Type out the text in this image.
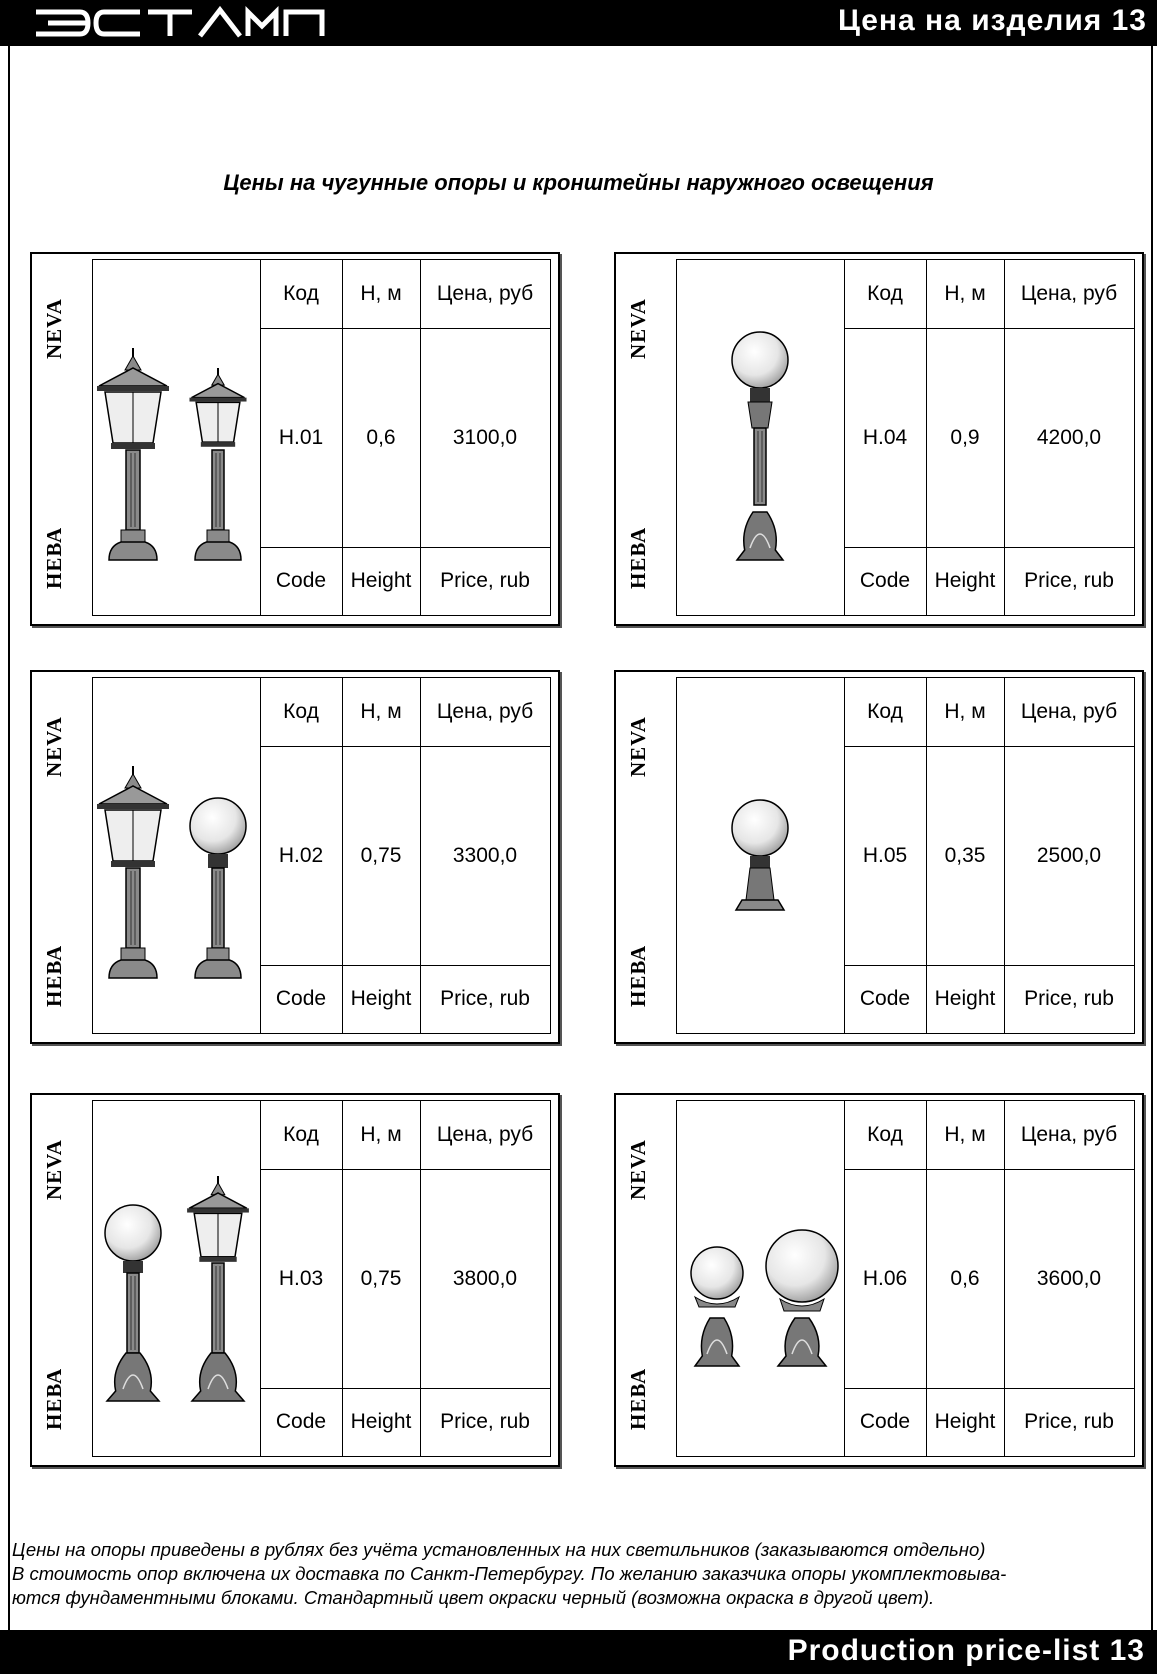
Цена на изделия 13
Цены на чугунные опоры и кронштейны наружного освещения
NEVA
НЕВА
Код	H, м	Цена, руб
Н.01	0,6	3100,0
Code	Height	Price, rub
NEVA
НЕВА
Код	H, м	Цена, руб
Н.04	0,9	4200,0
Code	Height	Price, rub
NEVA
НЕВА
Код	H, м	Цена, руб
Н.02	0,75	3300,0
Code	Height	Price, rub
NEVA
НЕВА
Код	H, м	Цена, руб
Н.05	0,35	2500,0
Code	Height	Price, rub
NEVA
НЕВА
Код	H, м	Цена, руб
Н.03	0,75	3800,0
Code	Height	Price, rub
NEVA
НЕВА
Код	H, м	Цена, руб
Н.06	0,6	3600,0
Code	Height	Price, rub
Цены на опоры приведены в рублях без учёта установленных на них светильников (заказываются отдельно)
В стоимость опор включена их доставка по Санкт-Петербургу. По желанию заказчика опоры укомплектовыва-
ются фундаментными блоками. Стандартный цвет окраски черный (возможна окраска в другой цвет).
Production price-list 13
